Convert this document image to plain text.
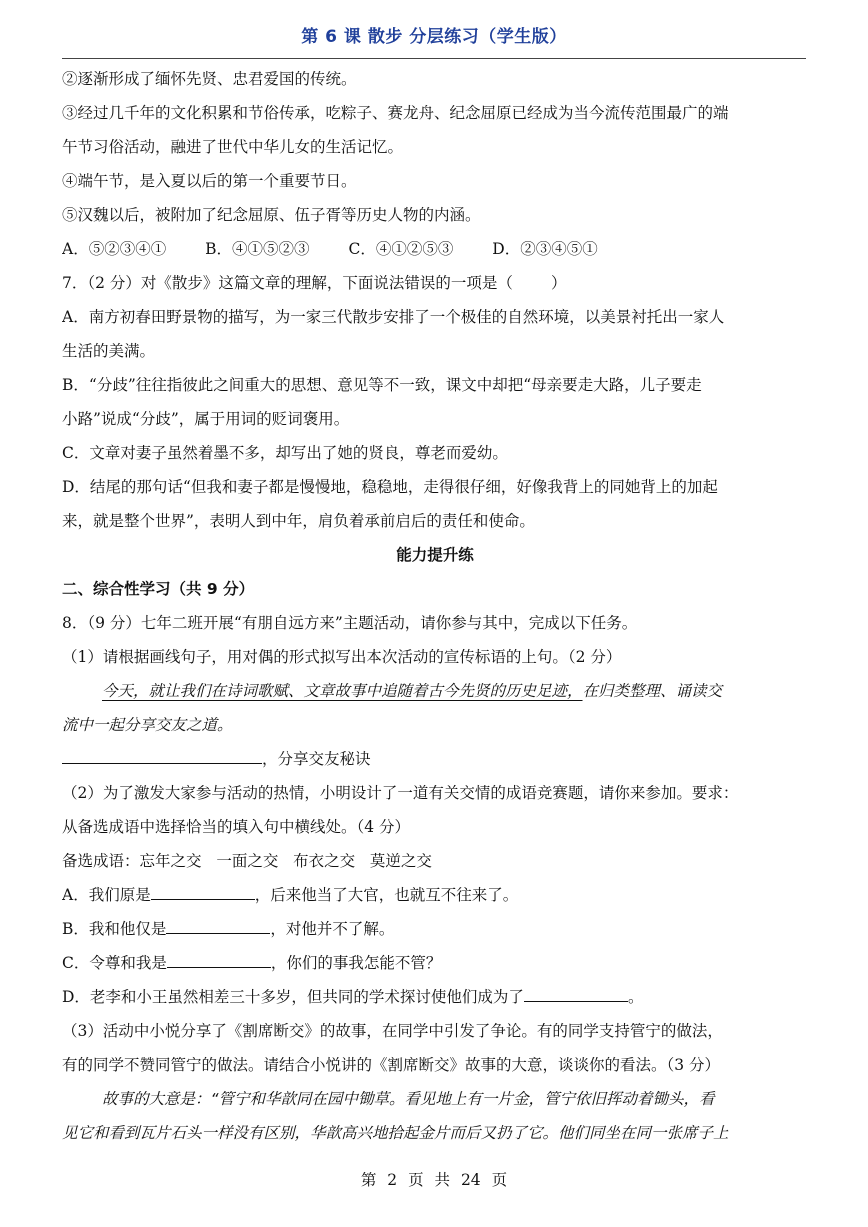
第 6 课 散步 分层练习（学生版）
②逐渐形成了缅怀先贤、忠君爱国的传统。
③经过几千年的文化积累和节俗传承，吃粽子、赛龙舟、纪念屈原已经成为当今流传范围最广的端
午节习俗活动，融进了世代中华儿女的生活记忆。
④端午节，是入夏以后的第一个重要节日。
⑤汉魏以后，被附加了纪念屈原、伍子胥等历史人物的内涵。
A．⑤②③④①	B．④①⑤②③	C．④①②⑤③	D．②③④⑤①
7．（2 分）对《散步》这篇文章的理解，下面说法错误 · · ·的一项是（ ）
A．南方初春田野景物的描写，为一家三代散步安排了一个极佳的自然环境，以美景衬托出一家人
生活的美满。
B．“分歧”往往指彼此之间重大的思想、意见等不一致，课文中却把“母亲要走大路，儿子要走
小路”说成“分歧”，属于用词的贬词褒用。
C．文章对妻子虽然着墨不多，却写出了她的贤良，尊老而爱幼。
D．结尾的那句话“但我和妻子都是慢慢地，稳稳地，走得很仔细，好像我背上的同她背上的加起
来，就是整个世界”，表明人到中年，肩负着承前启后的责任和使命。
能力提升练
二、综合性学习（共 9 分）
8．（9 分）七年二班开展“有朋自远方来”主题活动，请你参与其中，完成以下任务。
（1）请根据画线句子，用对偶的形式拟写出本次活动的宣传标语的上句。（2 分）
今天，就让我们在诗词歌赋、文章故事中追随着古今先贤的历史足迹，在归类整理、诵读交
流中一起分享交友之道。
，分享交友秘诀
（2）为了激发大家参与活动的热情，小明设计了一道有关交情的成语竞赛题，请你来参加。要求：
从备选成语中选择恰当的填入句中横线处。（4 分）
备选成语：忘年之交 一面之交 布衣之交 莫逆之交
A．我们原是	，后来他当了大官，也就互不往来了。
B．我和他仅是	，对他并不了解。
C．令尊和我是	，你们的事我怎能不管？
D．老李和小王虽然相差三十多岁，但共同的学术探讨使他们成为了	。
（3）活动中小悦分享了《割席断交》的故事，在同学中引发了争论。有的同学支持管宁的做法，
有的同学不赞同管宁的做法。请结合小悦讲的《割席断交》故事的大意，谈谈你的看法。（3 分）
故事的大意是：“管宁和华歆同在园中锄草。看见地上有一片金，管宁依旧挥动着锄头，看
见它和看到瓦片石头一样没有区别，华歆高兴地拾起金片而后又扔了它。他们同坐在同一张席子上
第 2 页 共 24 页
